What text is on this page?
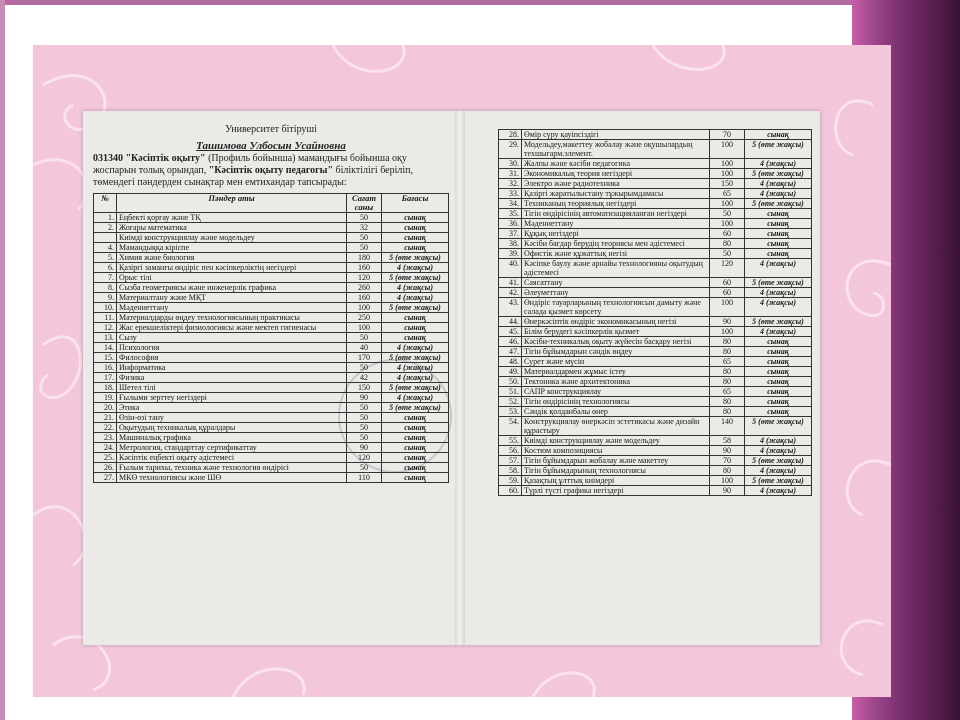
Университет бітіруші

Ташимова Улбосын Усайновна

031340 "Кәсіптік оқыту" (Профиль бойынша) мамандығы бойынша оқу жоспарын толық орындап, "Кәсіптік оқыту педагогы" біліктілігі беріліп, төмендегі пәндерден сынақтар мен емтихандар тапсырады:

№	Пәндер аты	Сағат саны	Бағасы
1.	Еңбекті қорғау және ТҚ	50	сынақ
2.	Жоғары математика	32	сынақ
	Киімді конструкциялау және модельдеу	50	сынақ
4.	Мамандыққа кіріспе	50	сынақ
5.	Химия және биология	180	5 (өте жақсы)
6.	Қазіргі заманғы өндіріс пен кәсіпкерліктің негіздері	160	4 (жақсы)
7.	Орыс тілі	120	5 (өте жақсы)
8.	Сызба геометриясы және инженерлік графика	260	4 (жақсы)
9.	Материалтану және МҚТ	160	4 (жақсы)
10.	Мәдениеттану	100	5 (өте жақсы)
11.	Материалдарды өңдеу технологиясының практикасы	250	сынақ
12.	Жас ерекшеліктері физиологиясы және мектеп гигиенасы	100	сынақ
13.	Сызу	50	сынақ
14.	Психология	40	4 (жақсы)
15.	Философия	170	5 (өте жақсы)
16.	Информатика	50	4 (жақсы)
17.	Физика	42	4 (жақсы)
18.	Шетел тілі	150	5 (өте жақсы)
19.	Ғылыми зерттеу негіздері	90	4 (жақсы)
20.	Этика	50	5 (өте жақсы)
21.	Өзін-өзі тану	50	сынақ
22.	Оқытудың техникалық құралдары	50	сынақ
23.	Машиналық графика	50	сынақ
24.	Метрология, стандарттау сертификаттау	90	сынақ
25.	Кәсіптік еңбекті оқыту әдістемесі	120	сынақ
26.	Ғылым тарихы, техника және технология өндірісі	50	сынақ
27.	МКӨ технологиясы және ШӨ	110	сынақ
28.	Өмір сүру қауіпсіздігі	70	сынақ
29.	Модельдеу,макеттеу жобалау және оқушылардың техшығарм.элемент.	100	5 (өте жақсы)
30.	Жалпы және кәсіби педагогика	100	4 (жақсы)
31.	Экономикалық теория негіздері	100	5 (өте жақсы)
32.	Электро және радиотехника	150	4 (жақсы)
33.	Қазіргі жаратылыстану тұжырымдамасы	65	4 (жақсы)
34.	Техниканың теориялық негіздері	100	5 (өте жақсы)
35.	Тігін өндірісінің автоматизацияланған негіздері	50	сынақ
36.	Мәдениеттану	100	сынақ
37.	Құқық негіздері	60	сынақ
38.	Кәсіби бағдар берудің теориясы мен әдістемесі	80	сынақ
39.	Офистік және құжаттық негізі	50	сынақ
40.	Кәсіпке баулу және арнайы технологияны оқытудың әдістемесі	120	4 (жақсы)
41.	Саясаттану	60	5 (өте жақсы)
42.	Әлеуметтану	60	4 (жақсы)
43.	Өндіріс тауарларының технологиясын дамыту және салада қызмет көрсету	100	4 (жақсы)
44.	Өнеркәсіптік өндіріс экономикасының негізі	90	5 (өте жақсы)
45.	Білім берудегі кәсіпкерлік қызмет	100	4 (жақсы)
46.	Кәсіби-техникалық оқыту жүйесін басқару негізі	80	сынақ
47.	Тігін бұйымдарын сәндік өңдеу	80	сынақ
48.	Сурет және мүсін	65	сынақ
49.	Материалдармен жұмыс істеу	80	сынақ
50.	Тектоника және архитектоника	80	сынақ
51.	САПР конструкциялау	65	сынақ
52.	Тігін өндірісінің технологиясы	80	сынақ
53.	Сәндік қолданбалы өнер	80	сынақ
54.	Конструкциялау өнеркәсіп эстетикасы және дизайн құрастыру	140	5 (өте жақсы)
55.	Киімді конструкциялау және модельдеу	58	4 (жақсы)
56.	Костюм композициясы	90	4 (жақсы)
57.	Тігін бұйымдарын жобалау және макеттеу	70	5 (өте жақсы)
58.	Тігін бұйымдарының технологиясы	80	4 (жақсы)
59.	Қазақтың ұлттық киімдері	100	5 (өте жақсы)
60.	Түрлі түсті графика негіздері	90	4 (жақсы)
